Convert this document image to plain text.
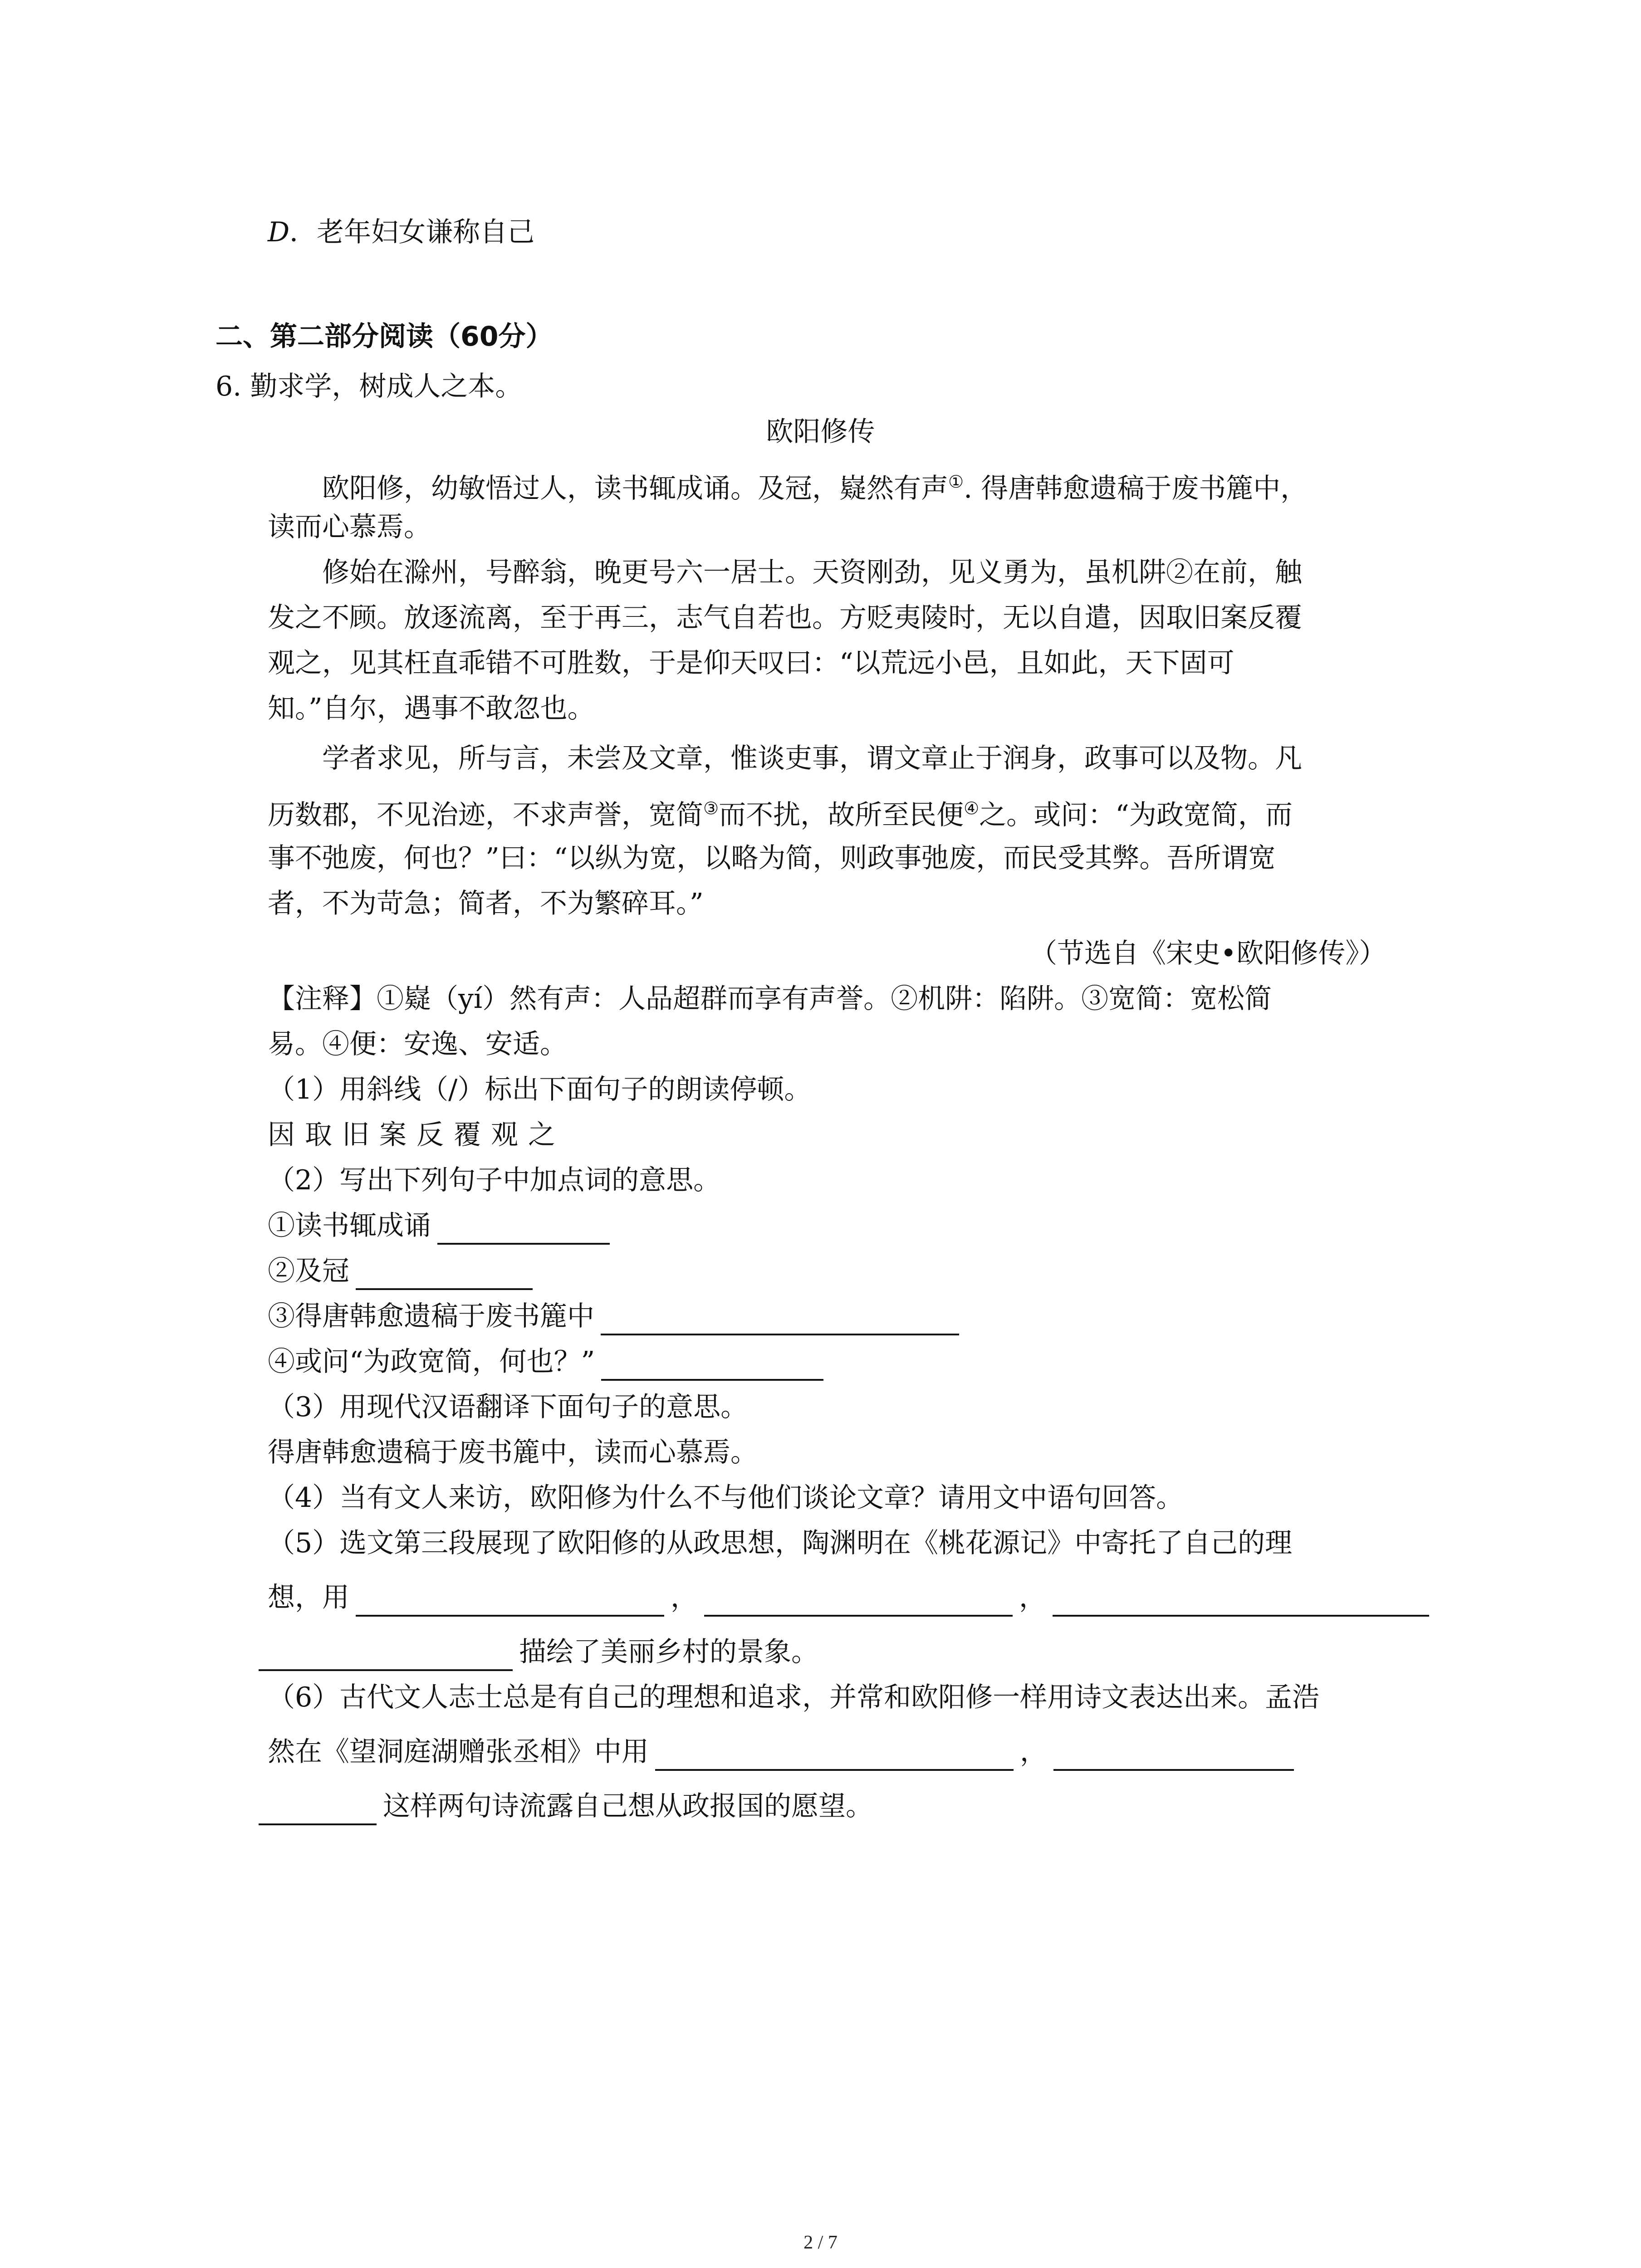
D．老年妇女谦称自己
二、第二部分阅读（60分）
6. 勤求学，树成人之本。
欧阳修传
欧阳修，幼敏悟过人，读书辄成诵。及冠，嶷然有声①. 得唐韩愈遗稿于废书簏中，
读而心慕焉。
修始在滁州，号醉翁，晚更号六一居士。天资刚劲，见义勇为，虽机阱②在前，触
发之不顾。放逐流离，至于再三，志气自若也。方贬夷陵时，无以自遣，因取旧案反覆
观之，见其枉直乖错不可胜数，于是仰天叹曰：“以荒远小邑，且如此，天下固可
知。”自尔，遇事不敢忽也。
学者求见，所与言，未尝及文章，惟谈吏事，谓文章止于润身，政事可以及物。凡
历数郡，不见治迹，不求声誉，宽简③而不扰，故所至民便④之。或问：“为政宽简，而
事不弛废，何也？”曰：“以纵为宽，以略为简，则政事弛废，而民受其弊。吾所谓宽
者，不为苛急；简者，不为繁碎耳。”
（节选自《宋史•欧阳修传》）
【注释】①嶷（yí）然有声：人品超群而享有声誉。②机阱：陷阱。③宽简：宽松简
易。④便：安逸、安适。
（1）用斜线（/）标出下面句子的朗读停顿。
因取旧案反覆观之
（2）写出下列句子中加点词的意思。
①读书辄成诵
②及冠
③得唐韩愈遗稿于废书簏中
④或问“为政宽简，何也？”
（3）用现代汉语翻译下面句子的意思。
得唐韩愈遗稿于废书簏中，读而心慕焉。
（4）当有文人来访，欧阳修为什么不与他们谈论文章？请用文中语句回答。
（5）选文第三段展现了欧阳修的从政思想，陶渊明在《桃花源记》中寄托了自己的理
想，用	，	，
描绘了美丽乡村的景象。
（6）古代文人志士总是有自己的理想和追求，并常和欧阳修一样用诗文表达出来。孟浩
然在《望洞庭湖赠张丞相》中用	，
这样两句诗流露自己想从政报国的愿望。
2 / 7
